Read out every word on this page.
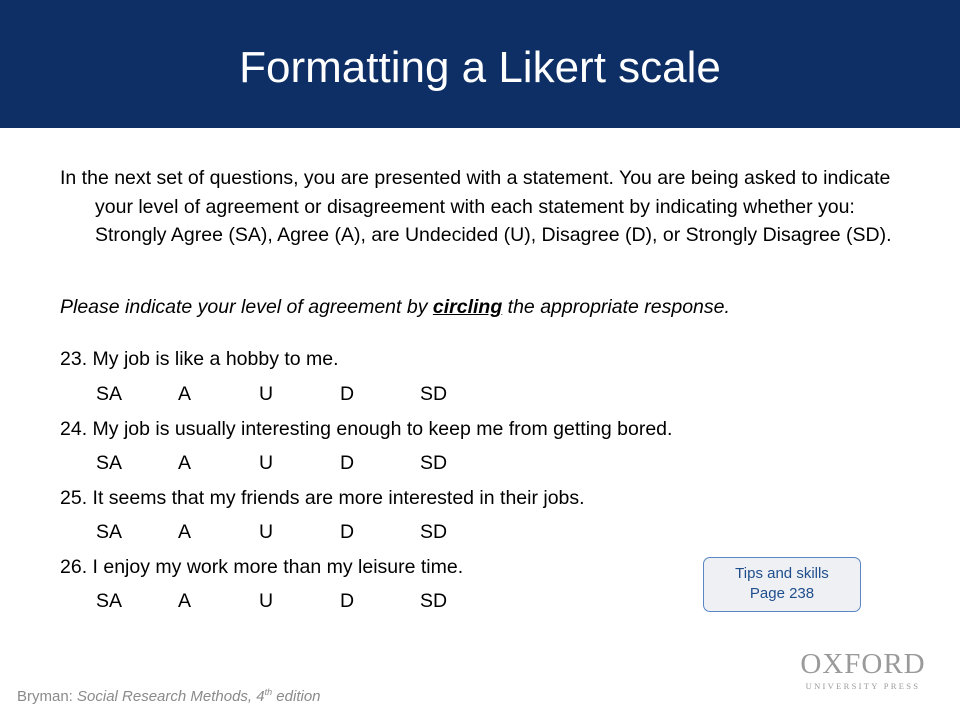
Formatting a Likert scale
In the next set of questions, you are presented with a statement. You are being asked to indicate your level of agreement or disagreement with each statement by indicating whether you: Strongly Agree (SA), Agree (A), are Undecided (U), Disagree (D), or Strongly Disagree (SD).
Please indicate your level of agreement by circling the appropriate response.
23. My job is like a hobby to me.
SA	A	U	D	SD
24. My job is usually interesting enough to keep me from getting bored.
SA	A	U	D	SD
25. It seems that my friends are more interested in their jobs.
SA	A	U	D	SD
26. I enjoy my work more than my leisure time.
SA	A	U	D	SD
Tips and skills
Page 238
Bryman: Social Research Methods, 4th edition
OXFORD
UNIVERSITY PRESS
